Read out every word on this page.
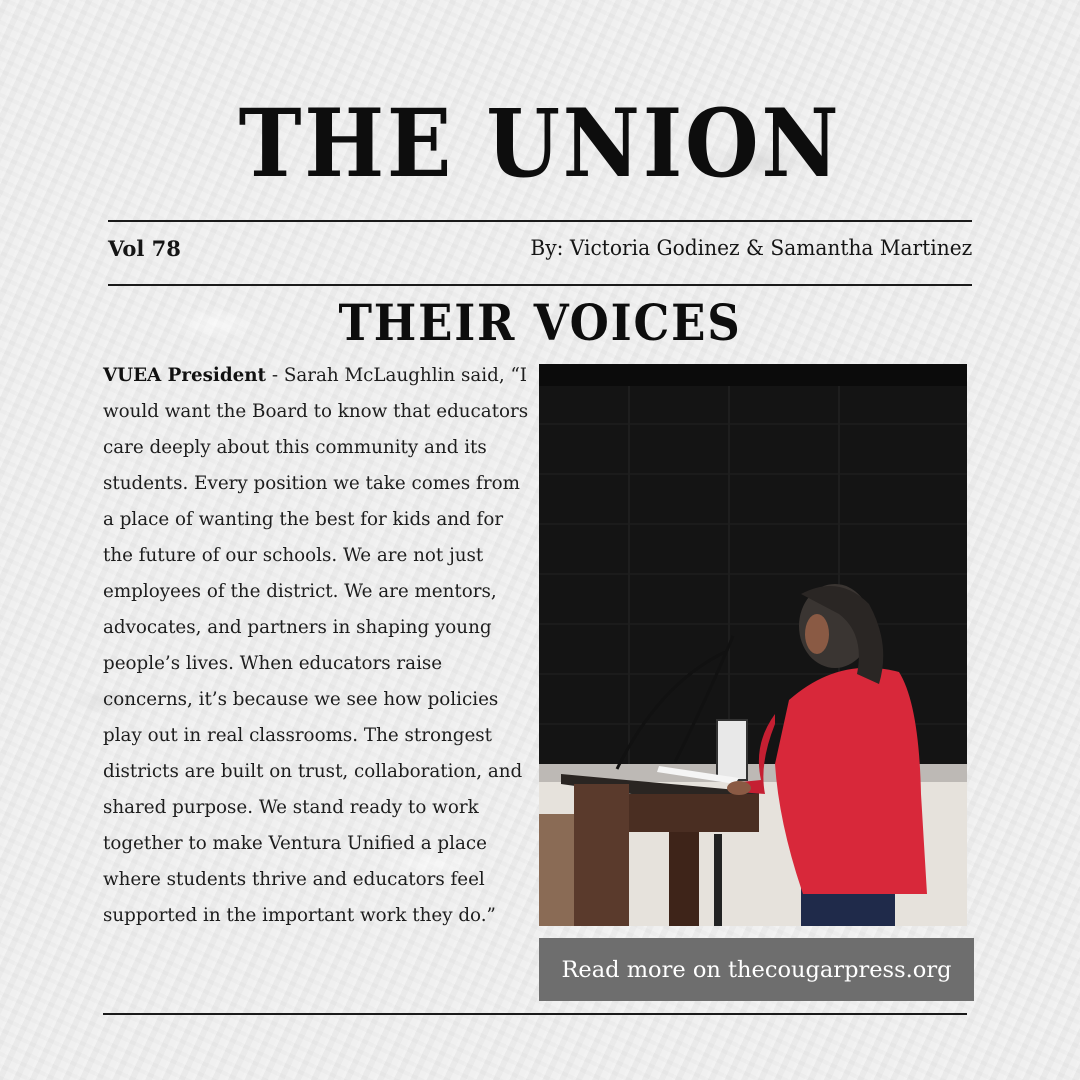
THE UNION
Vol 78	By: Victoria Godinez & Samantha Martinez
THEIR VOICES
VUEA President - Sarah McLaughlin said, “I would want the Board to know that educators care deeply about this community and its students. Every position we take comes from a place of wanting the best for kids and for the future of our schools. We are not just employees of the district. We are mentors, advocates, and partners in shaping young people’s lives. When educators raise concerns, it’s because we see how policies play out in real classrooms. The strongest districts are built on trust, collaboration, and shared purpose. We stand ready to work together to make Ventura Unified a place where students thrive and educators feel supported in the important work they do.”
Read more on thecougarpress.org
